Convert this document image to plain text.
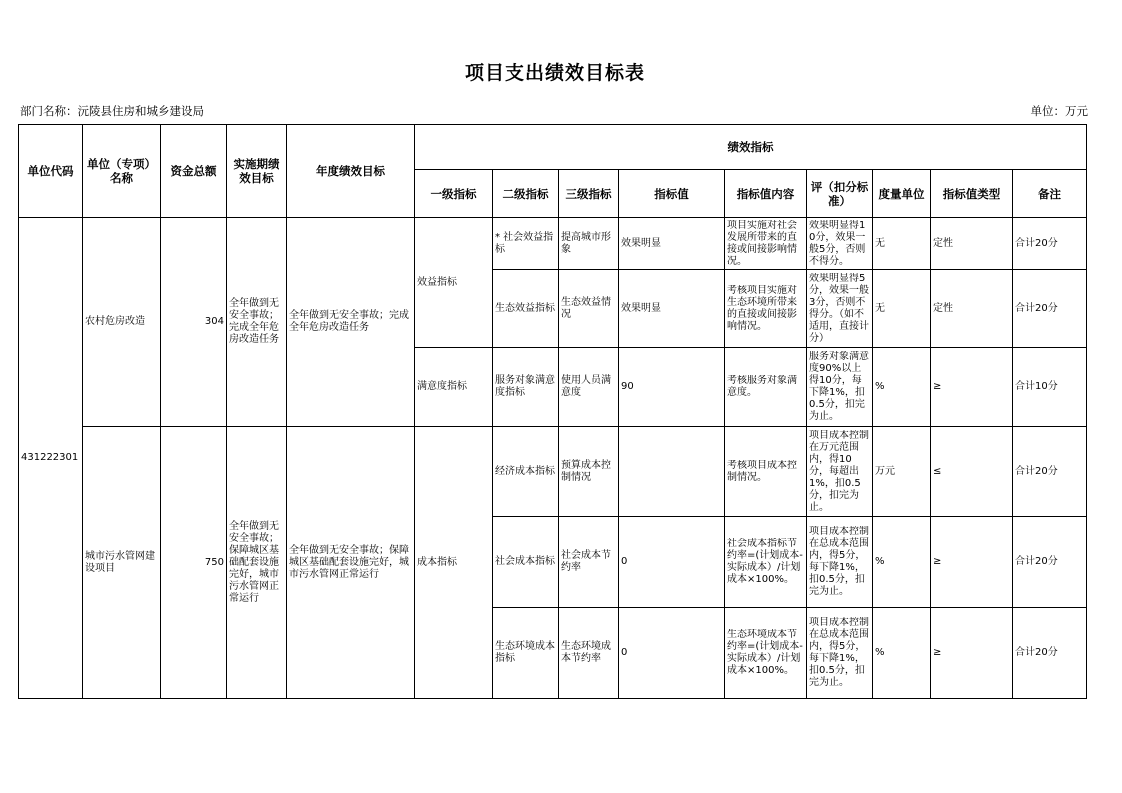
项目支出绩效目标表
部门名称：沅陵县住房和城乡建设局	单位：万元
单位代码	单位（专项）名称	资金总额	实施期绩效目标	年度绩效目标	绩效指标								
					一级指标	二级指标	三级指标	指标值	指标值内容	评（扣分标准）	度量单位	指标值类型	备注
431222301	农村危房改造	304	全年做到无安全事故；完成全年危房改造任务	全年做到无安全事故；完成全年危房改造任务	效益指标	* 社会效益指标	提高城市形象	效果明显	项目实施对社会发展所带来的直接或间接影响情况。	效果明显得10分，效果一般5分，否则不得分。	无	定性	合计20分
						生态效益指标	生态效益情况	效果明显	考核项目实施对生态环境所带来的直接或间接影响情况。	效果明显得5分，效果一般3分，否则不得分。（如不适用，直接计分）	无	定性	合计20分
					满意度指标	服务对象满意度指标	使用人员满意度	90	考核服务对象满意度。	服务对象满意度90%以上得10分，每下降1%，扣0.5分，扣完为止。	%	≥	合计10分
	城市污水管网建设项目	750	全年做到无安全事故；保障城区基础配套设施完好，城市污水管网正常运行	全年做到无安全事故；保障城区基础配套设施完好，城市污水管网正常运行	成本指标	经济成本指标	预算成本控制情况		考核项目成本控制情况。	项目成本控制在万元范围内，得10分，每超出1%，扣0.5分，扣完为止。	万元	≤	合计20分
						社会成本指标	社会成本节约率	0	社会成本指标节约率=(计划成本-实际成本）/计划成本×100%。	项目成本控制在总成本范围内，得5分，每下降1%，扣0.5分，扣完为止。	%	≥	合计20分
						生态环境成本指标	生态环境成本节约率	0	生态环境成本节约率=(计划成本-实际成本）/计划成本×100%。	项目成本控制在总成本范围内，得5分，每下降1%，扣0.5分，扣完为止。	%	≥	合计20分
